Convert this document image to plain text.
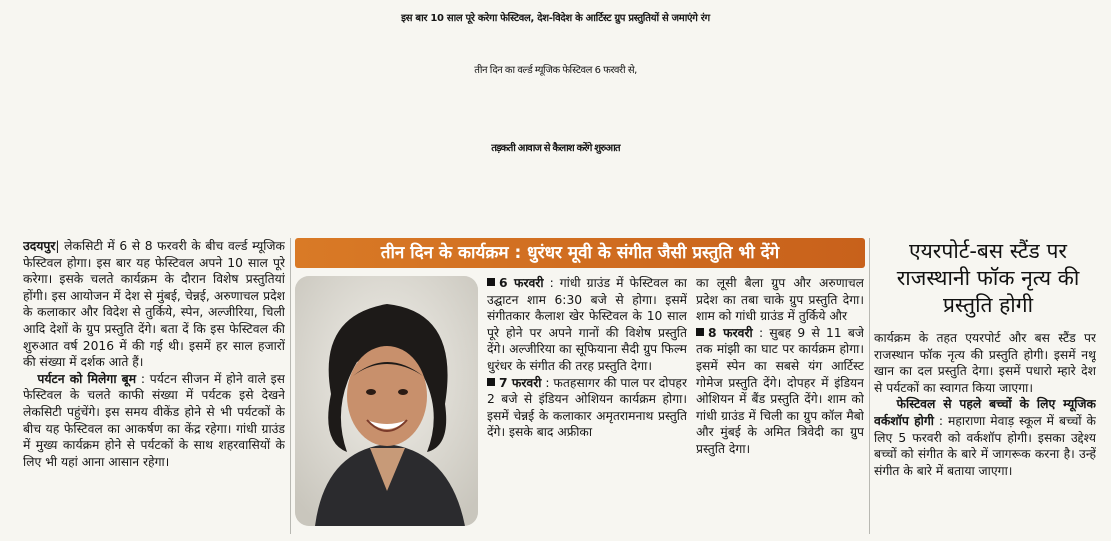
इस बार 10 साल पूरे करेगा फेस्टिवल, देश-विदेश के आर्टिस्ट ग्रुप प्रस्तुतियों से जमाएंगे रंग
तीन दिन का वर्ल्ड म्यूजिक फेस्टिवल 6 फरवरी से,
तड़कती आवाज से कैलाश करेंगे शुरुआत

उदयपुर| लेकसिटी में 6 से 8 फरवरी के बीच वर्ल्ड म्यूजिक फेस्टिवल होगा। इस बार यह फेस्टिवल अपने 10 साल पूरे करेगा। इसके चलते कार्यक्रम के दौरान विशेष प्रस्तुतियां होंगी। इस आयोजन में देश से मुंबई, चेन्नई, अरुणाचल प्रदेश के कलाकार और विदेश से तुर्किये, स्पेन, अल्जीरिया, चिली आदि देशों के ग्रुप प्रस्तुति देंगे। बता दें कि इस फेस्टिवल की शुरुआत वर्ष 2016 में की गई थी। इसमें हर साल हजारों की संख्या में दर्शक आते हैं।

पर्यटन को मिलेगा बूम : पर्यटन सीजन में होने वाले इस फेस्टिवल के चलते काफी संख्या में पर्यटक इसे देखने लेकसिटी पहुंचेंगे। इस समय वीकेंड होने से भी पर्यटकों के बीच यह फेस्टिवल का आकर्षण का केंद्र रहेगा। गांधी ग्राउंड में मुख्य कार्यक्रम होने से पर्यटकों के साथ शहरवासियों के लिए भी यहां आना आसान रहेगा।

तीन दिन के कार्यक्रम : धुरंधर मूवी के संगीत जैसी प्रस्तुति भी देंगे

6 फरवरी : गांधी ग्राउंड में फेस्टिवल का उद्घाटन शाम 6:30 बजे से होगा। इसमें संगीतकार कैलाश खेर फेस्टिवल के 10 साल पूरे होने पर अपने गानों की विशेष प्रस्तुति देंगे। अल्जीरिया का सूफियाना सैदी ग्रुप फिल्म धुरंधर के संगीत की तरह प्रस्तुति देगा।

7 फरवरी : फतहसागर की पाल पर दोपहर 2 बजे से इंडियन ओशियन कार्यक्रम होगा। इसमें चेन्नई के कलाकार अमृतरामनाथ प्रस्तुति देंगे। इसके बाद अफ्रीका

का लूसी बैला ग्रुप और अरुणाचल प्रदेश का तबा चाके ग्रुप प्रस्तुति देगा। शाम को गांधी ग्राउंड में तुर्किये और

8 फरवरी : सुबह 9 से 11 बजे तक मांझी का घाट पर कार्यक्रम होगा। इसमें स्पेन का सबसे यंग आर्टिस्ट गोमेज प्रस्तुति देंगे। दोपहर में इंडियन ओशियन में बैंड प्रस्तुति देंगे। शाम को गांधी ग्राउंड में चिली का ग्रुप कॉल मैबो और मुंबई के अमित त्रिवेदी का ग्रुप प्रस्तुति देगा।

एयरपोर्ट-बस स्टैंड पर राजस्थानी फॉक नृत्य की प्रस्तुति होगी

कार्यक्रम के तहत एयरपोर्ट और बस स्टैंड पर राजस्थान फॉक नृत्य की प्रस्तुति होगी। इसमें नथू खान का दल प्रस्तुति देगा। इसमें पधारो म्हारे देश से पर्यटकों का स्वागत किया जाएगा।

फेस्टिवल से पहले बच्चों के लिए म्यूजिक वर्कशॉप होगी : महाराणा मेवाड़ स्कूल में बच्चों के लिए 5 फरवरी को वर्कशॉप होगी। इसका उद्देश्य बच्चों को संगीत के बारे में जागरूक करना है। उन्हें संगीत के बारे में बताया जाएगा।
